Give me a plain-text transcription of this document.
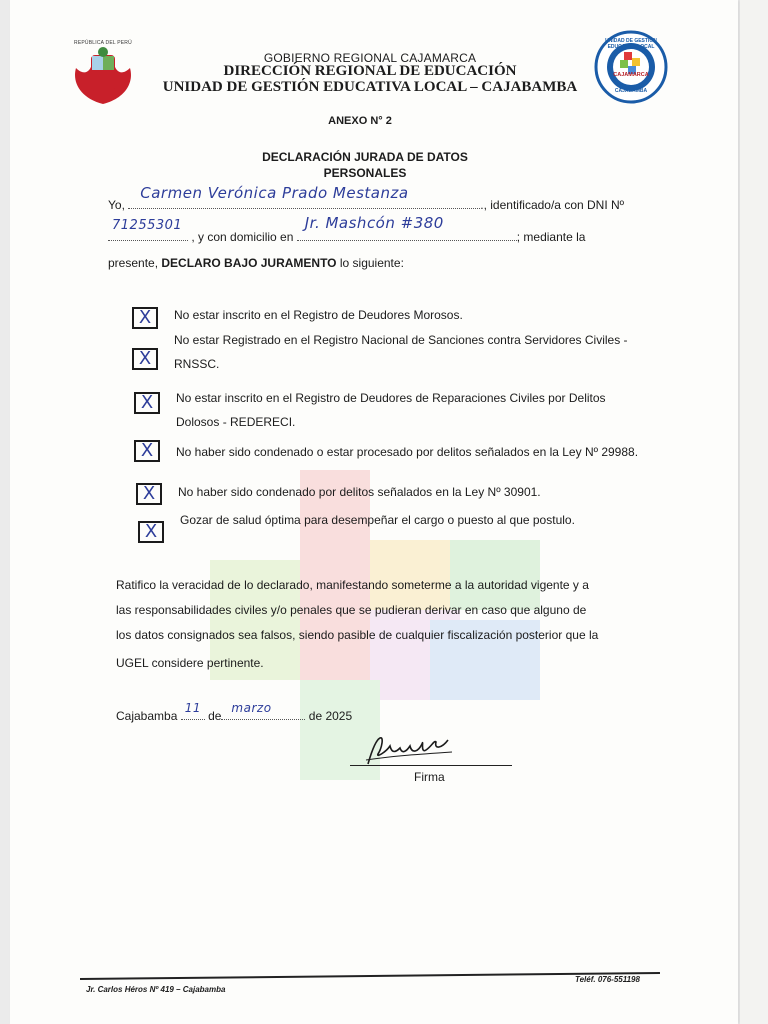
REPÚBLICA DEL PERÚ
GOBIERNO REGIONAL CAJAMARCA
DIRECCIÓN REGIONAL DE EDUCACIÓN
UNIDAD DE GESTIÓN EDUCATIVA LOCAL – CAJABAMBA
UNIDAD DE GESTIÓN EDUCATIVA LOCAL
CAJAMARCA
CAJABAMBA
ANEXO N° 2
DECLARACIÓN JURADA DE DATOS
PERSONALES
Yo,
Carmen Verónica Prado Mestanza
., identificado/a con DNI Nº
71255301
, y con domicilio en
Jr. Mashcón #380
; mediante la
presente, DECLARO BAJO JURAMENTO lo siguiente:
X No estar inscrito en el Registro de Deudores Morosos.
X
No estar Registrado en el Registro Nacional de Sanciones contra Servidores Civiles -
RNSSC.
X No estar inscrito en el Registro de Deudores de Reparaciones Civiles por Delitos
Dolosos - REDERECI.
X No haber sido condenado o estar procesado por delitos señalados en la Ley Nº 29988.
X No haber sido condenado por delitos señalados en la Ley Nº 30901.
X
Gozar de salud óptima para desempeñar el cargo o puesto al que postulo.
Ratifico la veracidad de lo declarado, manifestando someterme a la autoridad vigente y a
las responsabilidades civiles y/o penales que se pudieran derivar en caso que alguno de
los datos consignados sea falsos, siendo pasible de cualquier fiscalización posterior que la
UGEL considere pertinente.
Cajabamba
11
de
marzo
de 2025
Firma
Jr. Carlos Héros Nº 419 – Cajabamba
Teléf. 076-551198
